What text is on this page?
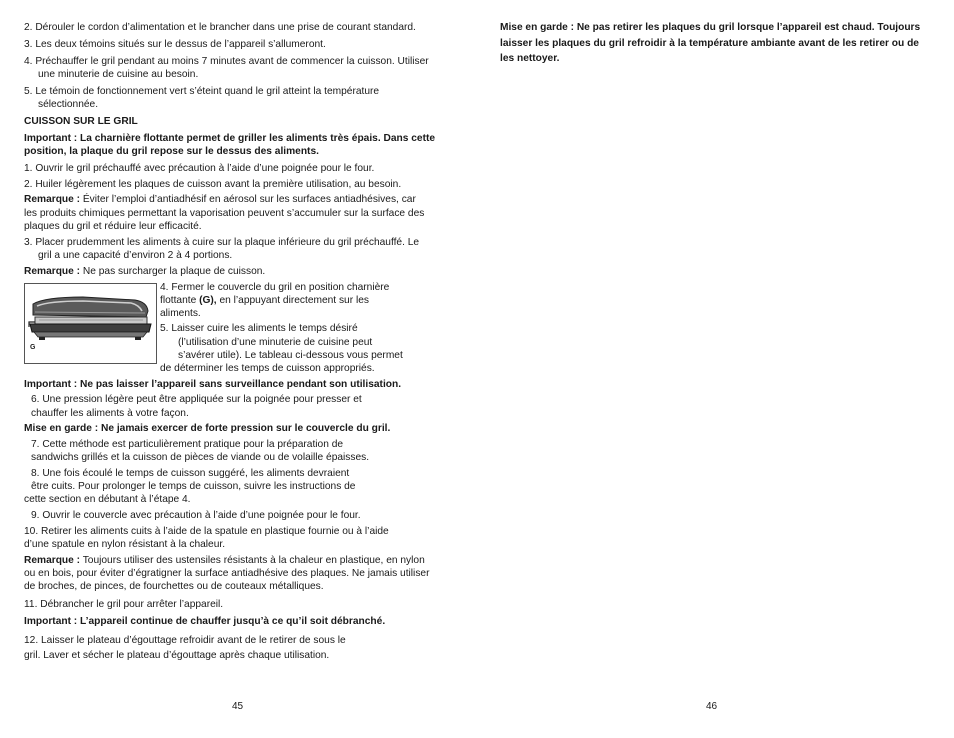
2. Dérouler le cordon d’alimentation et le brancher dans une prise de courant standard.
3. Les deux témoins situés sur le dessus de l’appareil s’allumeront.
4. Préchauffer le gril pendant au moins 7 minutes avant de commencer la cuisson. Utiliser
une minuterie de cuisine au besoin.
5. Le témoin de fonctionnement vert s’éteint quand le gril atteint la température
sélectionnée.
CUISSON SUR LE GRIL
Important : La charnière flottante permet de griller les aliments très épais. Dans cette
position, la plaque du gril repose sur le dessus des aliments.
1. Ouvrir le gril préchauffé avec précaution à l’aide d’une poignée pour le four.
2. Huiler légèrement les plaques de cuisson avant la première utilisation, au besoin.
Remarque : Éviter l’emploi d’antiadhésif en aérosol sur les surfaces antiadhésives, car
les produits chimiques permettant la vaporisation peuvent s’accumuler sur la surface des
plaques du gril et réduire leur efficacité.
3. Placer prudemment les aliments à cuire sur la plaque inférieure du gril préchauffé. Le
gril a une capacité d’environ 2 à 4 portions.
Remarque : Ne pas surcharger la plaque de cuisson.
G
4. Fermer le couvercle du gril en position charnière
flottante (G), en l’appuyant directement sur les
aliments.
5. Laisser cuire les aliments le temps désiré
(l’utilisation d’une minuterie de cuisine peut
s’avérer utile). Le tableau ci-dessous vous permet
de déterminer les temps de cuisson appropriés.
Important : Ne pas laisser l’appareil sans surveillance pendant son utilisation.
6. Une pression légère peut être appliquée sur la poignée pour presser et
chauffer les aliments à votre façon.
Mise en garde : Ne jamais exercer de forte pression sur le couvercle du gril.
7. Cette méthode est particulièrement pratique pour la préparation de
sandwichs grillés et la cuisson de pièces de viande ou de volaille épaisses.
8. Une fois écoulé le temps de cuisson suggéré, les aliments devraient
être cuits. Pour prolonger le temps de cuisson, suivre les instructions de
cette section en débutant à l’étape 4.
9. Ouvrir le couvercle avec précaution à l’aide d’une poignée pour le four.
10. Retirer les aliments cuits à l’aide de la spatule en plastique fournie ou à l’aide
d’une spatule en nylon résistant à la chaleur.
Remarque : Toujours utiliser des ustensiles résistants à la chaleur en plastique, en nylon
ou en bois, pour éviter d’égratigner la surface antiadhésive des plaques. Ne jamais utiliser
de broches, de pinces, de fourchettes ou de couteaux métalliques.
11. Débrancher le gril pour arrêter l’appareil.
Important : L’appareil continue de chauffer jusqu’à ce qu’il soit débranché.
12. Laisser le plateau d’égouttage refroidir avant de le retirer de sous le
gril. Laver et sécher le plateau d’égouttage après chaque utilisation.
45
Mise en garde : Ne pas retirer les plaques du gril lorsque l’appareil est chaud. Toujours
laisser les plaques du gril refroidir à la température ambiante avant de les retirer ou de
les nettoyer.
46
